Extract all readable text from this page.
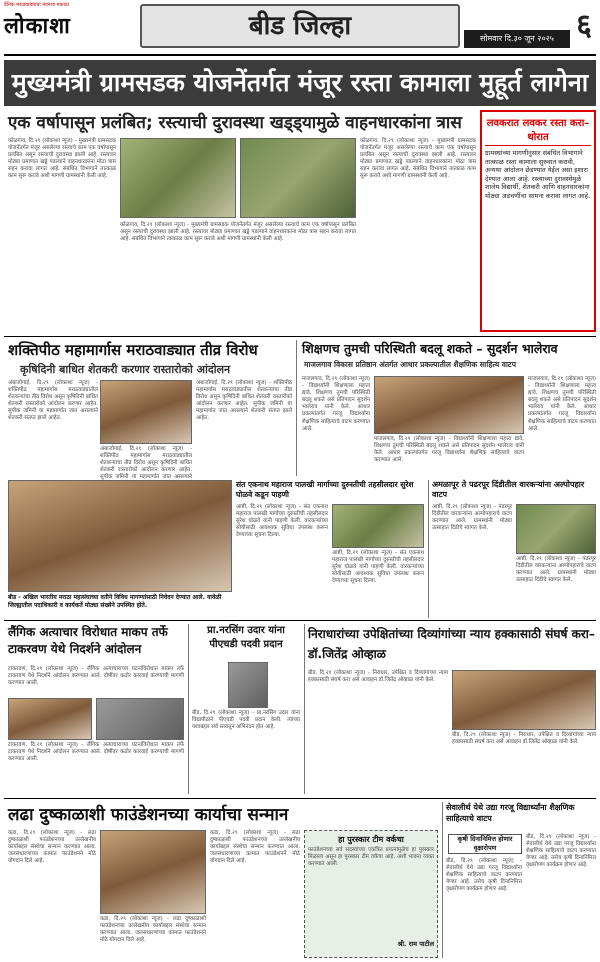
दैनिक मराठवाड्याचा नवनाथ मकाठा
लोकाशा	बीड जिल्हा	सोमवार दि.३० जून २०२५ ६
मुख्यमंत्री ग्रामसडक योजनेंतर्गत मंजूर रस्ता कामाला मुहूर्त लागेना
एक वर्षापासून प्रलंबित; रस्त्याची दुरावस्था खड्ड्यामुळे वाहनधारकांना त्रास
कोळगाव, दि.२९ (लोकाशा न्यूज) - मुख्यमंत्री ग्रामसडक योजनेंतर्गत मंजूर असलेल्या रस्त्याचे काम एक वर्षापासून प्रलंबित असून रस्त्याची दुरावस्था झाली आहे. रस्त्यावर मोठ्या प्रमाणात खड्डे पडल्याने वाहनधारकांना मोठा त्रास सहन करावा लागत आहे. संबंधित विभागाने तात्काळ काम सुरू करावे अशी मागणी ग्रामस्थांनी केली आहे.
कोळगाव, दि.२९ (लोकाशा न्यूज) - मुख्यमंत्री ग्रामसडक योजनेंतर्गत मंजूर असलेल्या रस्त्याचे काम एक वर्षापासून प्रलंबित असून रस्त्याची दुरावस्था झाली आहे. रस्त्यावर मोठ्या प्रमाणात खड्डे पडल्याने वाहनधारकांना मोठा त्रास सहन करावा लागत आहे. संबंधित विभागाने तात्काळ काम सुरू करावे अशी मागणी ग्रामस्थांनी केली आहे.
कोळगाव, दि.२९ (लोकाशा न्यूज) - मुख्यमंत्री ग्रामसडक योजनेंतर्गत मंजूर असलेल्या रस्त्याचे काम एक वर्षापासून प्रलंबित असून रस्त्याची दुरावस्था झाली आहे. रस्त्यावर मोठ्या प्रमाणात खड्डे पडल्याने वाहनधारकांना मोठा त्रास सहन करावा लागत आहे. संबंधित विभागाने तात्काळ काम सुरू करावे अशी मागणी ग्रामस्थांनी केली आहे.
लवकरात लवकर रस्ता करा–थोरात

ग्रामस्थांच्या मागणीनुसार संबंधित विभागाने तात्काळ रस्ता कामाला सुरुवात करावी, अन्यथा आंदोलन छेडण्यात येईल असा इशारा देण्यात आला आहे. रस्त्याच्या दुरावस्थेमुळे शालेय विद्यार्थी, शेतकरी आणि वाहनधारकांना मोठ्या अडचणींचा सामना करावा लागत आहे.

शक्तिपीठ महामार्गास मराठवाड्यात तीव्र विरोध
कृषिदिनी बाधित शेतकरी करणार रास्तारोको आंदोलन
अंबाजोगाई, दि.२९ (लोकाशा न्यूज) - शक्तिपीठ महामार्गास मराठवाड्यातील शेतकऱ्यांचा तीव्र विरोध असून कृषिदिनी बाधित शेतकरी रास्तारोको आंदोलन करणार आहेत. सुपीक जमिनी या महामार्गात जात असल्याने शेतकरी संतप्त झाले आहेत.
अंबाजोगाई, दि.२९ (लोकाशा न्यूज) - शक्तिपीठ महामार्गास मराठवाड्यातील शेतकऱ्यांचा तीव्र विरोध असून कृषिदिनी बाधित शेतकरी रास्तारोको आंदोलन करणार आहेत. सुपीक जमिनी या महामार्गात जात असल्याने
अंबाजोगाई, दि.२९ (लोकाशा न्यूज) - शक्तिपीठ महामार्गास मराठवाड्यातील शेतकऱ्यांचा तीव्र विरोध असून कृषिदिनी बाधित शेतकरी रास्तारोको आंदोलन करणार आहेत. सुपीक जमिनी या महामार्गात जात असल्याने शेतकरी संतप्त झाले आहेत.
शिक्षणच तुमची परिस्थिती बदलू शकते – सुदर्शन भालेराव
माजलगाव विकास प्रतिष्ठान अंतर्गत आधार प्रकल्पातील शैक्षणिक साहित्य वाटप
माजलगाव, दि.२९ (लोकाशा न्यूज) - विद्यार्थ्यांनी शिक्षणाला महत्त्व द्यावे, शिक्षणच तुमची परिस्थिती बदलू शकते असे प्रतिपादन सुदर्शन भालेराव यांनी केले. आधार प्रकल्पांतर्गत गरजू विद्यार्थ्यांना शैक्षणिक साहित्याचे वाटप करण्यात आले.
माजलगाव, दि.२९ (लोकाशा न्यूज) - विद्यार्थ्यांनी शिक्षणाला महत्त्व द्यावे, शिक्षणच तुमची परिस्थिती बदलू शकते असे प्रतिपादन सुदर्शन भालेराव यांनी केले. आधार प्रकल्पांतर्गत गरजू विद्यार्थ्यांना शैक्षणिक साहित्याचे वाटप करण्यात आले.
माजलगाव, दि.२९ (लोकाशा न्यूज) - विद्यार्थ्यांनी शिक्षणाला महत्त्व द्यावे, शिक्षणच तुमची परिस्थिती बदलू शकते असे प्रतिपादन सुदर्शन भालेराव यांनी केले. आधार प्रकल्पांतर्गत गरजू विद्यार्थ्यांना शैक्षणिक साहित्याचे वाटप करण्यात आले.
बीड - अखिल भारतीय मराठा महासंघाच्या वतीने विविध मागण्यांसाठी निवेदन देण्यात आले. यावेळी जिल्ह्यातील पदाधिकारी व कार्यकर्ते मोठ्या संख्येने उपस्थित होते.
संत एकनाथ महाराज पालखी मार्गाच्या दुरुस्तीची तहसीलदार सुरेश घोळवे कडून पाहणी
आष्टी, दि.२९ (लोकाशा न्यूज) - संत एकनाथ महाराज पालखी मार्गाच्या दुरुस्तीची तहसीलदार सुरेश घोळवे यांनी पाहणी केली. वारकऱ्यांच्या सोयीसाठी आवश्यक सुविधा उपलब्ध करून देण्याच्या सूचना दिल्या.
आष्टी, दि.२९ (लोकाशा न्यूज) - संत एकनाथ महाराज पालखी मार्गाच्या दुरुस्तीची तहसीलदार सुरेश घोळवे यांनी पाहणी केली. वारकऱ्यांच्या सोयीसाठी आवश्यक सुविधा उपलब्ध करून देण्याच्या सूचना दिल्या.
अमळापूर ते पढरपूर दिंडीतील वारकऱ्यांना अल्पोपहार वाटप
आष्टी, दि.२९ (लोकाशा न्यूज) - पंढरपूर दिंडीतील वारकऱ्यांना अल्पोपहाराचे वाटप करण्यात आले. ग्रामस्थांनी मोठ्या उत्साहात दिंडीचे स्वागत केले.
आष्टी, दि.२९ (लोकाशा न्यूज) - पंढरपूर दिंडीतील वारकऱ्यांना अल्पोपहाराचे वाटप करण्यात आले. ग्रामस्थांनी मोठ्या उत्साहात दिंडीचे स्वागत केले.
लैंगिक अत्याचार विरोधात माकप तर्फे टाकरवण येथे निदर्शने आंदोलन
टाकरवण, दि.२९ (लोकाशा न्यूज) - लैंगिक अत्याचाराच्या घटनांविरोधात माकप तर्फे टाकरवण येथे निदर्शने आंदोलन करण्यात आले. दोषींवर कठोर कारवाई करण्याची मागणी करण्यात आली.
टाकरवण, दि.२९ (लोकाशा न्यूज) - लैंगिक अत्याचाराच्या घटनांविरोधात माकप तर्फे टाकरवण येथे निदर्शने आंदोलन करण्यात आले. दोषींवर कठोर कारवाई करण्याची मागणी करण्यात आली.
प्रा.नरसिंग उदार यांना पीएचडी पदवी प्रदान
बीड, दि.२९ (लोकाशा न्यूज) - प्रा.नरसिंग उदार यांना विद्यापीठाने पीएचडी पदवी प्रदान केली. त्यांच्या यशाबद्दल सर्व स्तरातून अभिनंदन होत आहे.
निराधारांच्या उपेक्षितांच्या दिव्यांगांच्या न्याय हक्कासाठी संघर्ष करा–डॉ.जितेंद्र ओव्हाळ
बीड, दि.२९ (लोकाशा न्यूज) - निराधार, उपेक्षित व दिव्यांगांच्या न्याय हक्कासाठी संघर्ष करा असे आवाहन डॉ.जितेंद्र ओव्हाळ यांनी केले.
बीड, दि.२९ (लोकाशा न्यूज) - निराधार, उपेक्षित व दिव्यांगांच्या न्याय हक्कासाठी संघर्ष करा असे आवाहन डॉ.जितेंद्र ओव्हाळ यांनी केले.
लढा दुष्काळाशी फाउंडेशनच्या कार्याचा सन्मान
कडा, दि.२९ (लोकाशा न्यूज) - लढा दुष्काळाशी फाउंडेशनच्या उल्लेखनीय कार्याबद्दल संस्थेचा सन्मान करण्यात आला. जलसंधारणाच्या कामात फाउंडेशनने मोठे योगदान दिले आहे.
कडा, दि.२९ (लोकाशा न्यूज) - लढा दुष्काळाशी फाउंडेशनच्या उल्लेखनीय कार्याबद्दल संस्थेचा सन्मान करण्यात आला. जलसंधारणाच्या कामात फाउंडेशनने मोठे योगदान दिले आहे.
कडा, दि.२९ (लोकाशा न्यूज) - लढा दुष्काळाशी फाउंडेशनच्या उल्लेखनीय कार्याबद्दल संस्थेचा सन्मान करण्यात आला. जलसंधारणाच्या कामात फाउंडेशनने मोठे योगदान दिले आहे.
हा पुरस्कार टीम वर्कचा
फाउंडेशनच्या सर्व सदस्यांच्या एकत्रित प्रयत्नांमुळेच हा पुरस्कार मिळाला असून हा पुरस्कार टीम वर्कचा आहे, अशी भावना व्यक्त करण्यात आली.
श्री. राम पाटील
सेवालीर्थ येथे उद्या गरजू विद्यार्थ्यांना शैक्षणिक साहित्याचे वाटप
कृषी दिनानिमित्त होणार वृक्षारोपण
बीड, दि.२९ (लोकाशा न्यूज) - सेवालीर्थ येथे उद्या गरजू विद्यार्थ्यांना शैक्षणिक साहित्याचे वाटप करण्यात येणार आहे. तसेच कृषी दिनानिमित्त वृक्षारोपण कार्यक्रम होणार आहे.
बीड, दि.२९ (लोकाशा न्यूज) - सेवालीर्थ येथे उद्या गरजू विद्यार्थ्यांना शैक्षणिक साहित्याचे वाटप करण्यात येणार आहे. तसेच कृषी दिनानिमित्त वृक्षारोपण कार्यक्रम होणार आहे.
